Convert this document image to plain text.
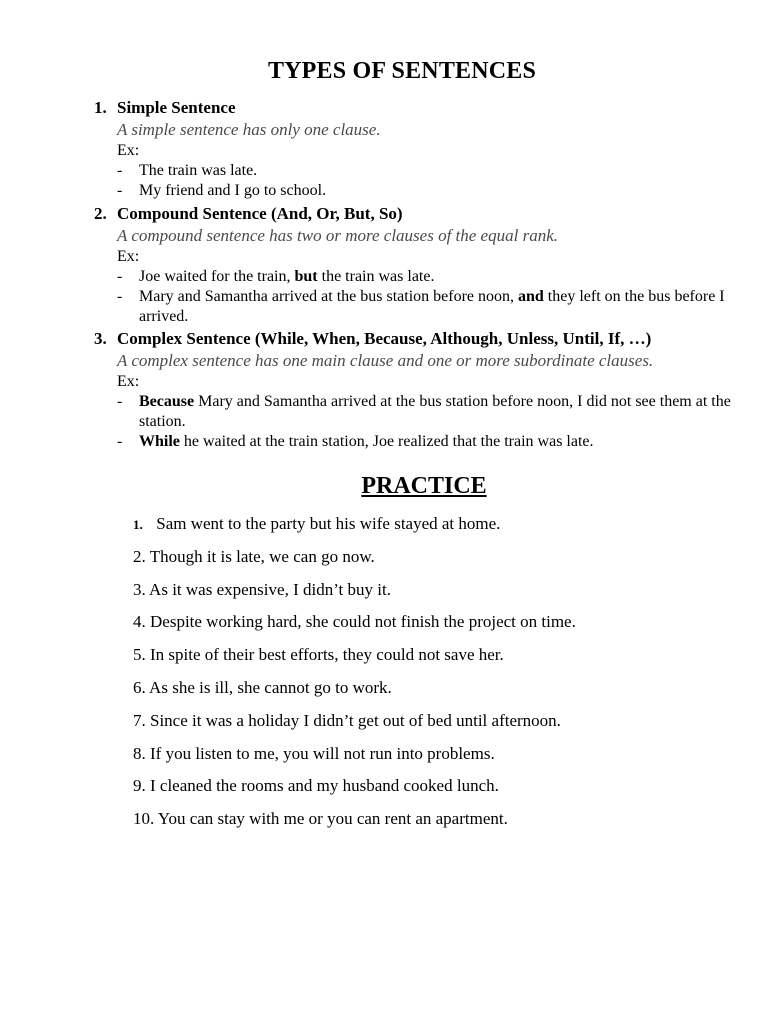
TYPES OF SENTENCES
1. Simple Sentence
A simple sentence has only one clause.
Ex:
- The train was late.
- My friend and I go to school.
2. Compound Sentence (And, Or, But, So)
A compound sentence has two or more clauses of the equal rank.
Ex:
- Joe waited for the train, but the train was late.
- Mary and Samantha arrived at the bus station before noon, and they left on the bus before I arrived.
3. Complex Sentence (While, When, Because, Although, Unless, Until, If, …)
A complex sentence has one main clause and one or more subordinate clauses.
Ex:
- Because Mary and Samantha arrived at the bus station before noon, I did not see them at the station.
- While he waited at the train station, Joe realized that the train was late.
PRACTICE
1. Sam went to the party but his wife stayed at home.
2. Though it is late, we can go now.
3. As it was expensive, I didn’t buy it.
4. Despite working hard, she could not finish the project on time.
5. In spite of their best efforts, they could not save her.
6. As she is ill, she cannot go to work.
7. Since it was a holiday I didn’t get out of bed until afternoon.
8. If you listen to me, you will not run into problems.
9. I cleaned the rooms and my husband cooked lunch.
10. You can stay with me or you can rent an apartment.
